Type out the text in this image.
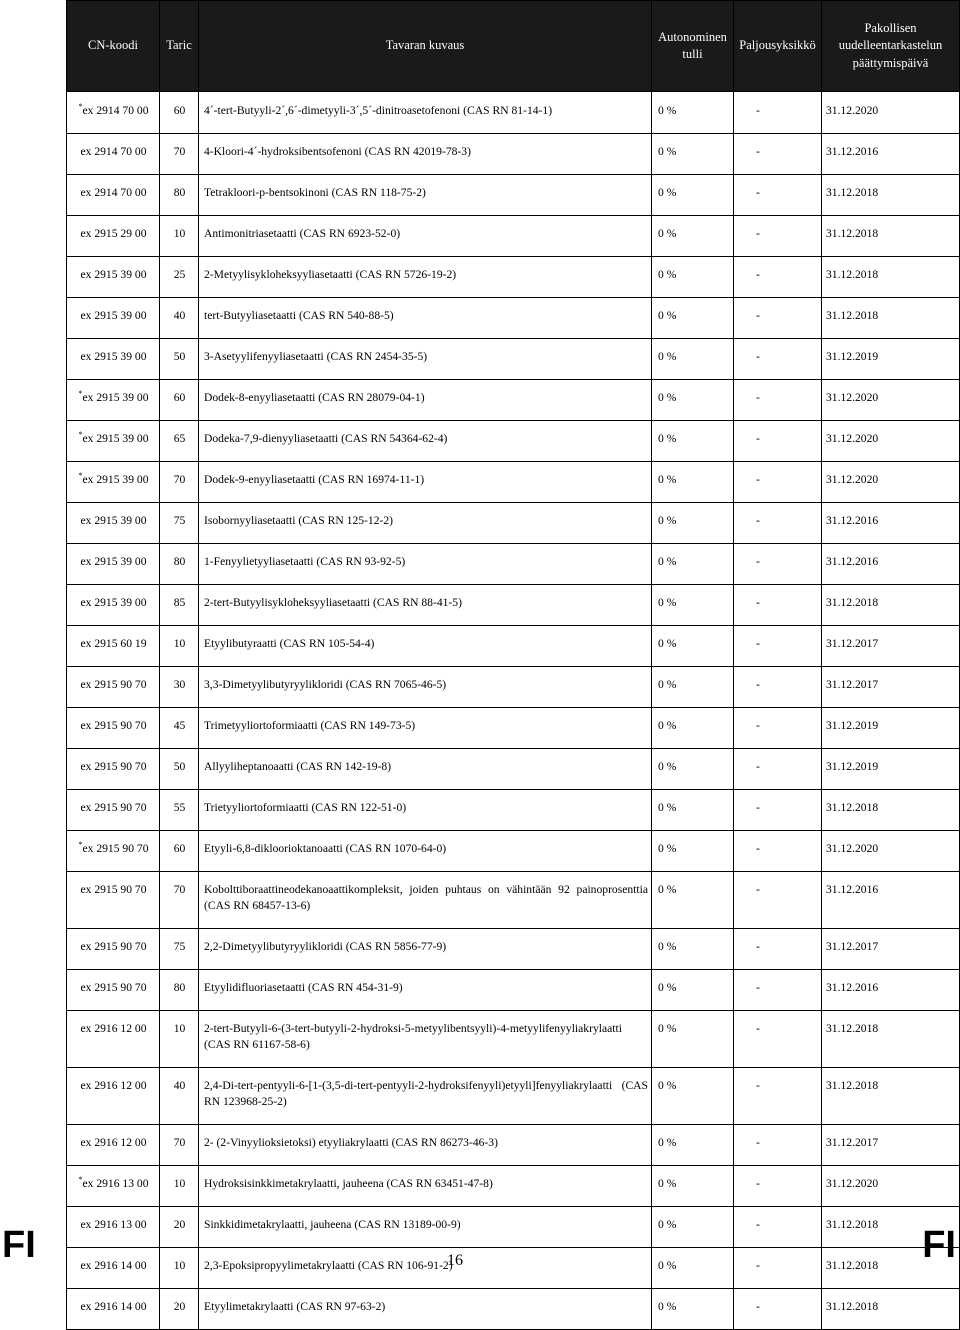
CN-koodi	Taric	Tavaran kuvaus	Autonominen tulli	Paljousyksikkö	Pakollisen uudelleentarkastelun päättymispäivä
*ex 2914 70 00	60	4´-tert-Butyyli-2´,6´-dimetyyli-3´,5´-dinitroasetofenoni (CAS RN 81-14-1)	0 %	-	31.12.2020
ex 2914 70 00	70	4-Kloori-4´-hydroksibentsofenoni (CAS RN 42019-78-3)	0 %	-	31.12.2016
ex 2914 70 00	80	Tetrakloori-p-bentsokinoni (CAS RN 118-75-2)	0 %	-	31.12.2018
ex 2915 29 00	10	Antimonitriasetaatti (CAS RN 6923-52-0)	0 %	-	31.12.2018
ex 2915 39 00	25	2-Metyylisykloheksyyliasetaatti (CAS RN 5726-19-2)	0 %	-	31.12.2018
ex 2915 39 00	40	tert-Butyyliasetaatti (CAS RN 540-88-5)	0 %	-	31.12.2018
ex 2915 39 00	50	3-Asetyylifenyyliasetaatti (CAS RN 2454-35-5)	0 %	-	31.12.2019
*ex 2915 39 00	60	Dodek-8-enyyliasetaatti (CAS RN 28079-04-1)	0 %	-	31.12.2020
*ex 2915 39 00	65	Dodeka-7,9-dienyyliasetaatti (CAS RN 54364-62-4)	0 %	-	31.12.2020
*ex 2915 39 00	70	Dodek-9-enyyliasetaatti (CAS RN 16974-11-1)	0 %	-	31.12.2020
ex 2915 39 00	75	Isobornyyliasetaatti (CAS RN 125-12-2)	0 %	-	31.12.2016
ex 2915 39 00	80	1-Fenyylietyyliasetaatti (CAS RN 93-92-5)	0 %	-	31.12.2016
ex 2915 39 00	85	2-tert-Butyylisykloheksyyliasetaatti (CAS RN 88-41-5)	0 %	-	31.12.2018
ex 2915 60 19	10	Etyylibutyraatti (CAS RN 105-54-4)	0 %	-	31.12.2017
ex 2915 90 70	30	3,3-Dimetyylibutyryylikloridi (CAS RN 7065-46-5)	0 %	-	31.12.2017
ex 2915 90 70	45	Trimetyyliortoformiaatti (CAS RN 149-73-5)	0 %	-	31.12.2019
ex 2915 90 70	50	Allyyliheptanoaatti (CAS RN 142-19-8)	0 %	-	31.12.2019
ex 2915 90 70	55	Trietyyliortoformiaatti (CAS RN 122-51-0)	0 %	-	31.12.2018
*ex 2915 90 70	60	Etyyli-6,8-dikloorioktanoaatti (CAS RN 1070-64-0)	0 %	-	31.12.2020
ex 2915 90 70	70	Kobolttiboraattineodekanoaattikompleksit, joiden puhtaus on vähintään 92 painoprosenttia (CAS RN 68457-13-6)	0 %	-	31.12.2016
ex 2915 90 70	75	2,2-Dimetyylibutyryylikloridi (CAS RN 5856-77-9)	0 %	-	31.12.2017
ex 2915 90 70	80	Etyylidifluoriasetaatti (CAS RN 454-31-9)	0 %	-	31.12.2016
ex 2916 12 00	10	2-tert-Butyyli-6-(3-tert-butyyli-2-hydroksi-5-metyylibentsyyli)-4-metyylifenyyliakrylaatti (CAS RN 61167-58-6)	0 %	-	31.12.2018
ex 2916 12 00	40	2,4-Di-tert-pentyyli-6-[1-(3,5-di-tert-pentyyli-2-hydroksifenyyli)etyyli]fenyyliakrylaatti (CAS RN 123968-25-2)	0 %	-	31.12.2018
ex 2916 12 00	70	2- (2-Vinyylioksietoksi) etyyliakrylaatti (CAS RN 86273-46-3)	0 %	-	31.12.2017
*ex 2916 13 00	10	Hydroksisinkkimetakrylaatti, jauheena (CAS RN 63451-47-8)	0 %	-	31.12.2020
ex 2916 13 00	20	Sinkkidimetakrylaatti, jauheena (CAS RN 13189-00-9)	0 %	-	31.12.2018
ex 2916 14 00	10	2,3-Epoksipropyylimetakrylaatti (CAS RN 106-91-2)	0 %	-	31.12.2018
ex 2916 14 00	20	Etyylimetakrylaatti (CAS RN 97-63-2)	0 %	-	31.12.2018
FI	16	FI
